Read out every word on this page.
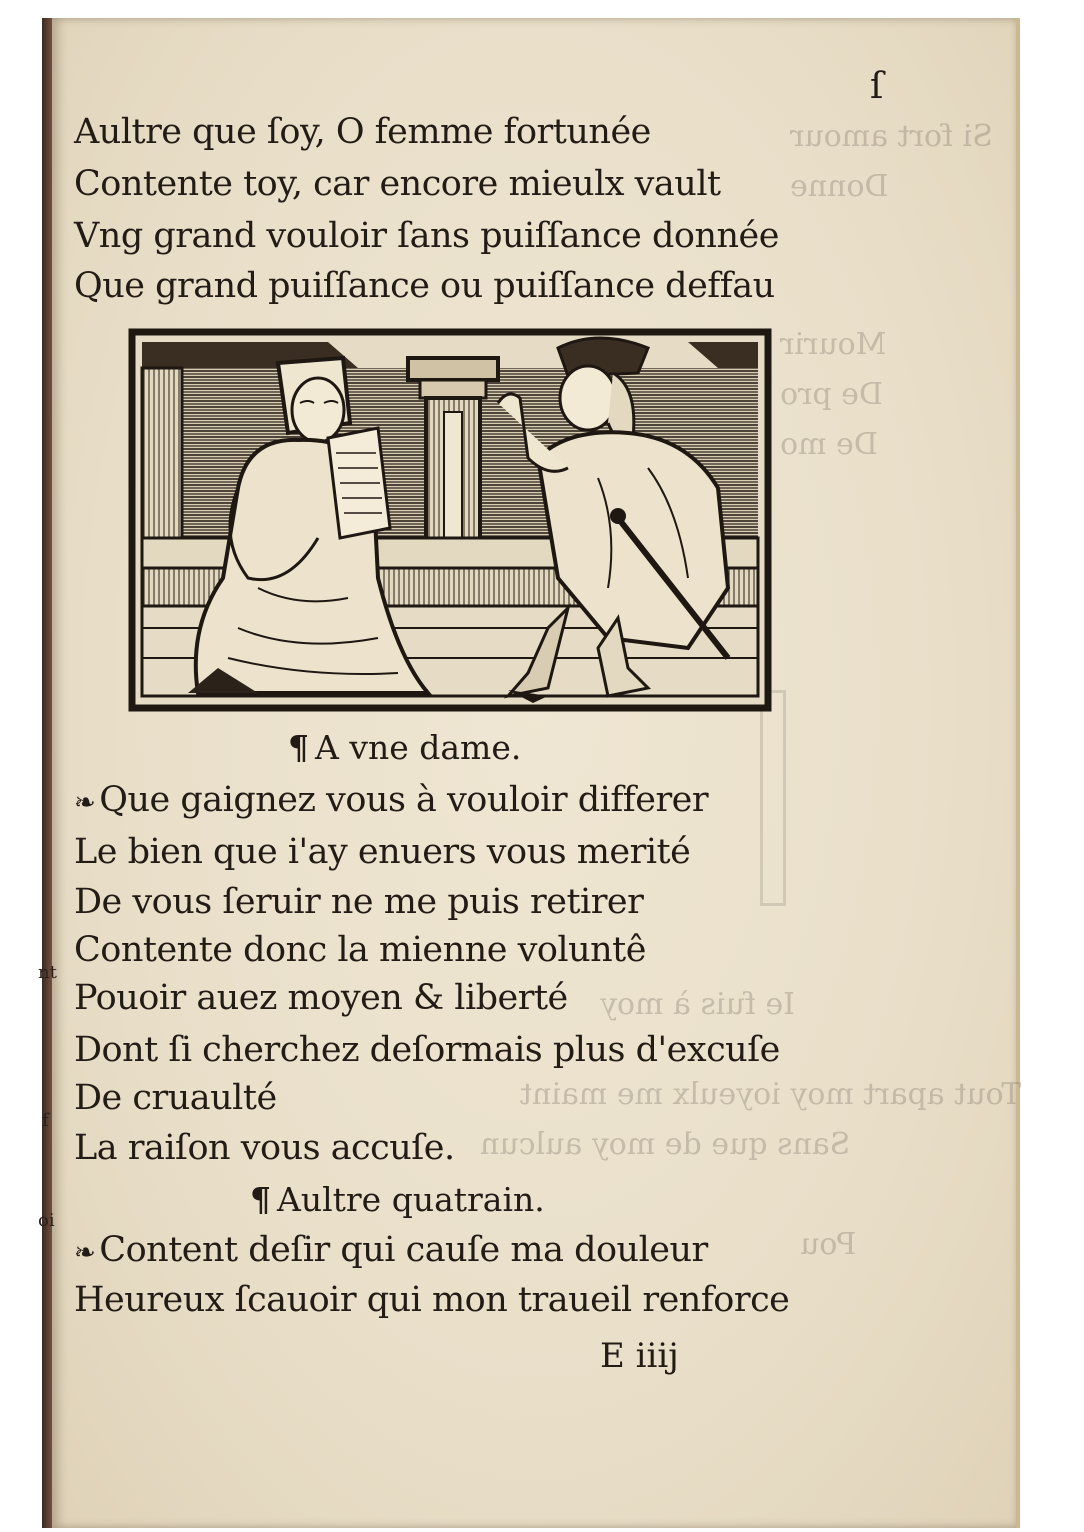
Si fort amour
Donne
Mourir
De pro
De mo
Ie fuis à moy
Tout apart moy ioyeulx me maint
Sans que de moy aulcun
Pou
nt
f
oi
ſ
Aultre que ſoy, O femme fortunée
Contente toy, car encore mieulx vault
Vng grand vouloir ſans puiſſance donnée
Que grand puiſſance ou puiſſance deffau
¶ A vne dame.
❧ Que gaignez vous à vouloir differer
Le bien que i'ay enuers vous merité
De vous ſeruir ne me puis retirer
Contente donc la mienne voluntê
Pouoir auez moyen & liberté
Dont ſi cherchez deſormais plus d'excuſe
De cruaulté
La raiſon vous accuſe.
¶ Aultre quatrain.
❧ Content deſir qui cauſe ma douleur
Heureux ſcauoir qui mon traueil renforce
E iiij
